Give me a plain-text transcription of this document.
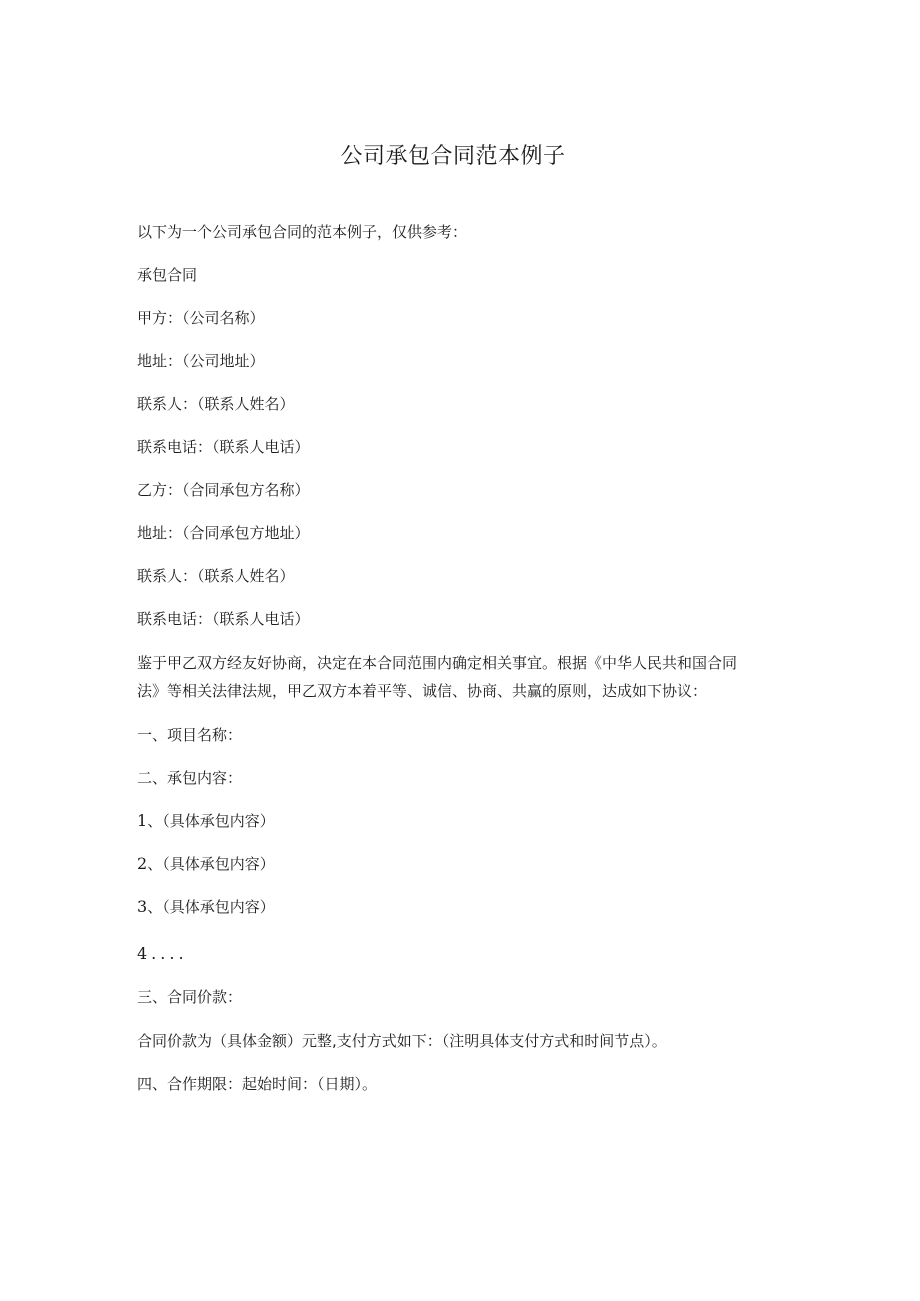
公司承包合同范本例子
以下为一个公司承包合同的范本例子，仅供参考：
承包合同
甲方：（公司名称）
地址：（公司地址）
联系人：（联系人姓名）
联系电话：（联系人电话）
乙方：（合同承包方名称）
地址：（合同承包方地址）
联系人：（联系人姓名）
联系电话：（联系人电话）
鉴于甲乙双方经友好协商，决定在本合同范围内确定相关事宜。根据《中华人民共和国合同
法》等相关法律法规，甲乙双方本着平等、诚信、协商、共赢的原则，达成如下协议：
一、项目名称：
二、承包内容：
1、（具体承包内容）
2、（具体承包内容）
3、（具体承包内容）
4....
三、合同价款：
合同价款为（具体金额）元整,支付方式如下：（注明具体支付方式和时间节点）。
四、合作期限：起始时间：（日期）。
